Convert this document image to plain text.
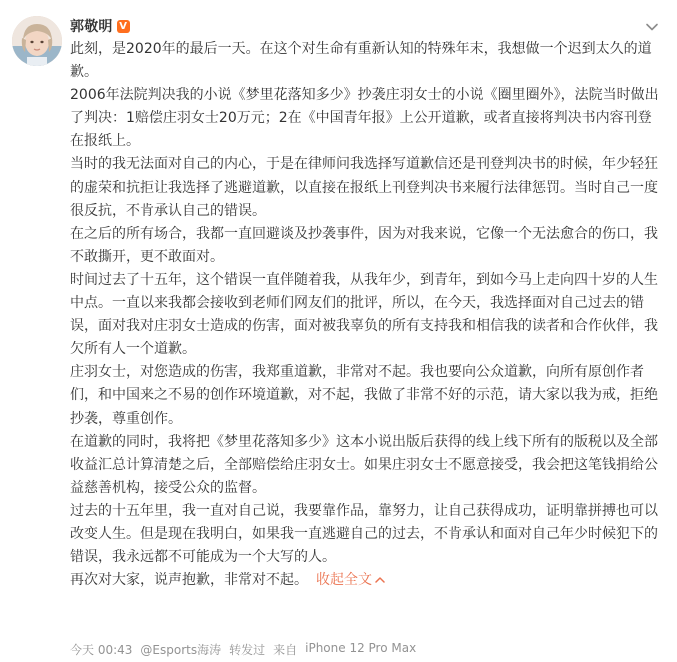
郭敬明 V

此刻，是2020年的最后一天。在这个对生命有重新认知的特殊年末，我想做一个迟到太久的道歉。

2006年法院判决我的小说《梦里花落知多少》抄袭庄羽女士的小说《圈里圈外》，法院当时做出了判决：1赔偿庄羽女士20万元；2在《中国青年报》上公开道歉，或者直接将判决书内容刊登在报纸上。

当时的我无法面对自己的内心，于是在律师问我选择写道歉信还是刊登判决书的时候，年少轻狂的虚荣和抗拒让我选择了逃避道歉，以直接在报纸上刊登判决书来履行法律惩罚。当时自己一度很反抗，不肯承认自己的错误。

在之后的所有场合，我都一直回避谈及抄袭事件，因为对我来说，它像一个无法愈合的伤口，我不敢撕开，更不敢面对。

时间过去了十五年，这个错误一直伴随着我，从我年少，到青年，到如今马上走向四十岁的人生中点。一直以来我都会接收到老师们网友们的批评，所以，在今天，我选择面对自己过去的错误，面对我对庄羽女士造成的伤害，面对被我辜负的所有支持我和相信我的读者和合作伙伴，我欠所有人一个道歉。

庄羽女士，对您造成的伤害，我郑重道歉，非常对不起。我也要向公众道歉，向所有原创作者们，和中国来之不易的创作环境道歉，对不起，我做了非常不好的示范，请大家以我为戒，拒绝抄袭，尊重创作。

在道歉的同时，我将把《梦里花落知多少》这本小说出版后获得的线上线下所有的版税以及全部收益汇总计算清楚之后，全部赔偿给庄羽女士。如果庄羽女士不愿意接受，我会把这笔钱捐给公益慈善机构，接受公众的监督。

过去的十五年里，我一直对自己说，我要靠作品，靠努力，让自己获得成功，证明靠拼搏也可以改变人生。但是现在我明白，如果我一直逃避自己的过去，不肯承认和面对自己年少时候犯下的错误，我永远都不可能成为一个大写的人。

再次对大家，说声抱歉，非常对不起。 收起全文

今天 00:43 @Esports海涛 转发过 来自 iPhone 12 Pro Max
